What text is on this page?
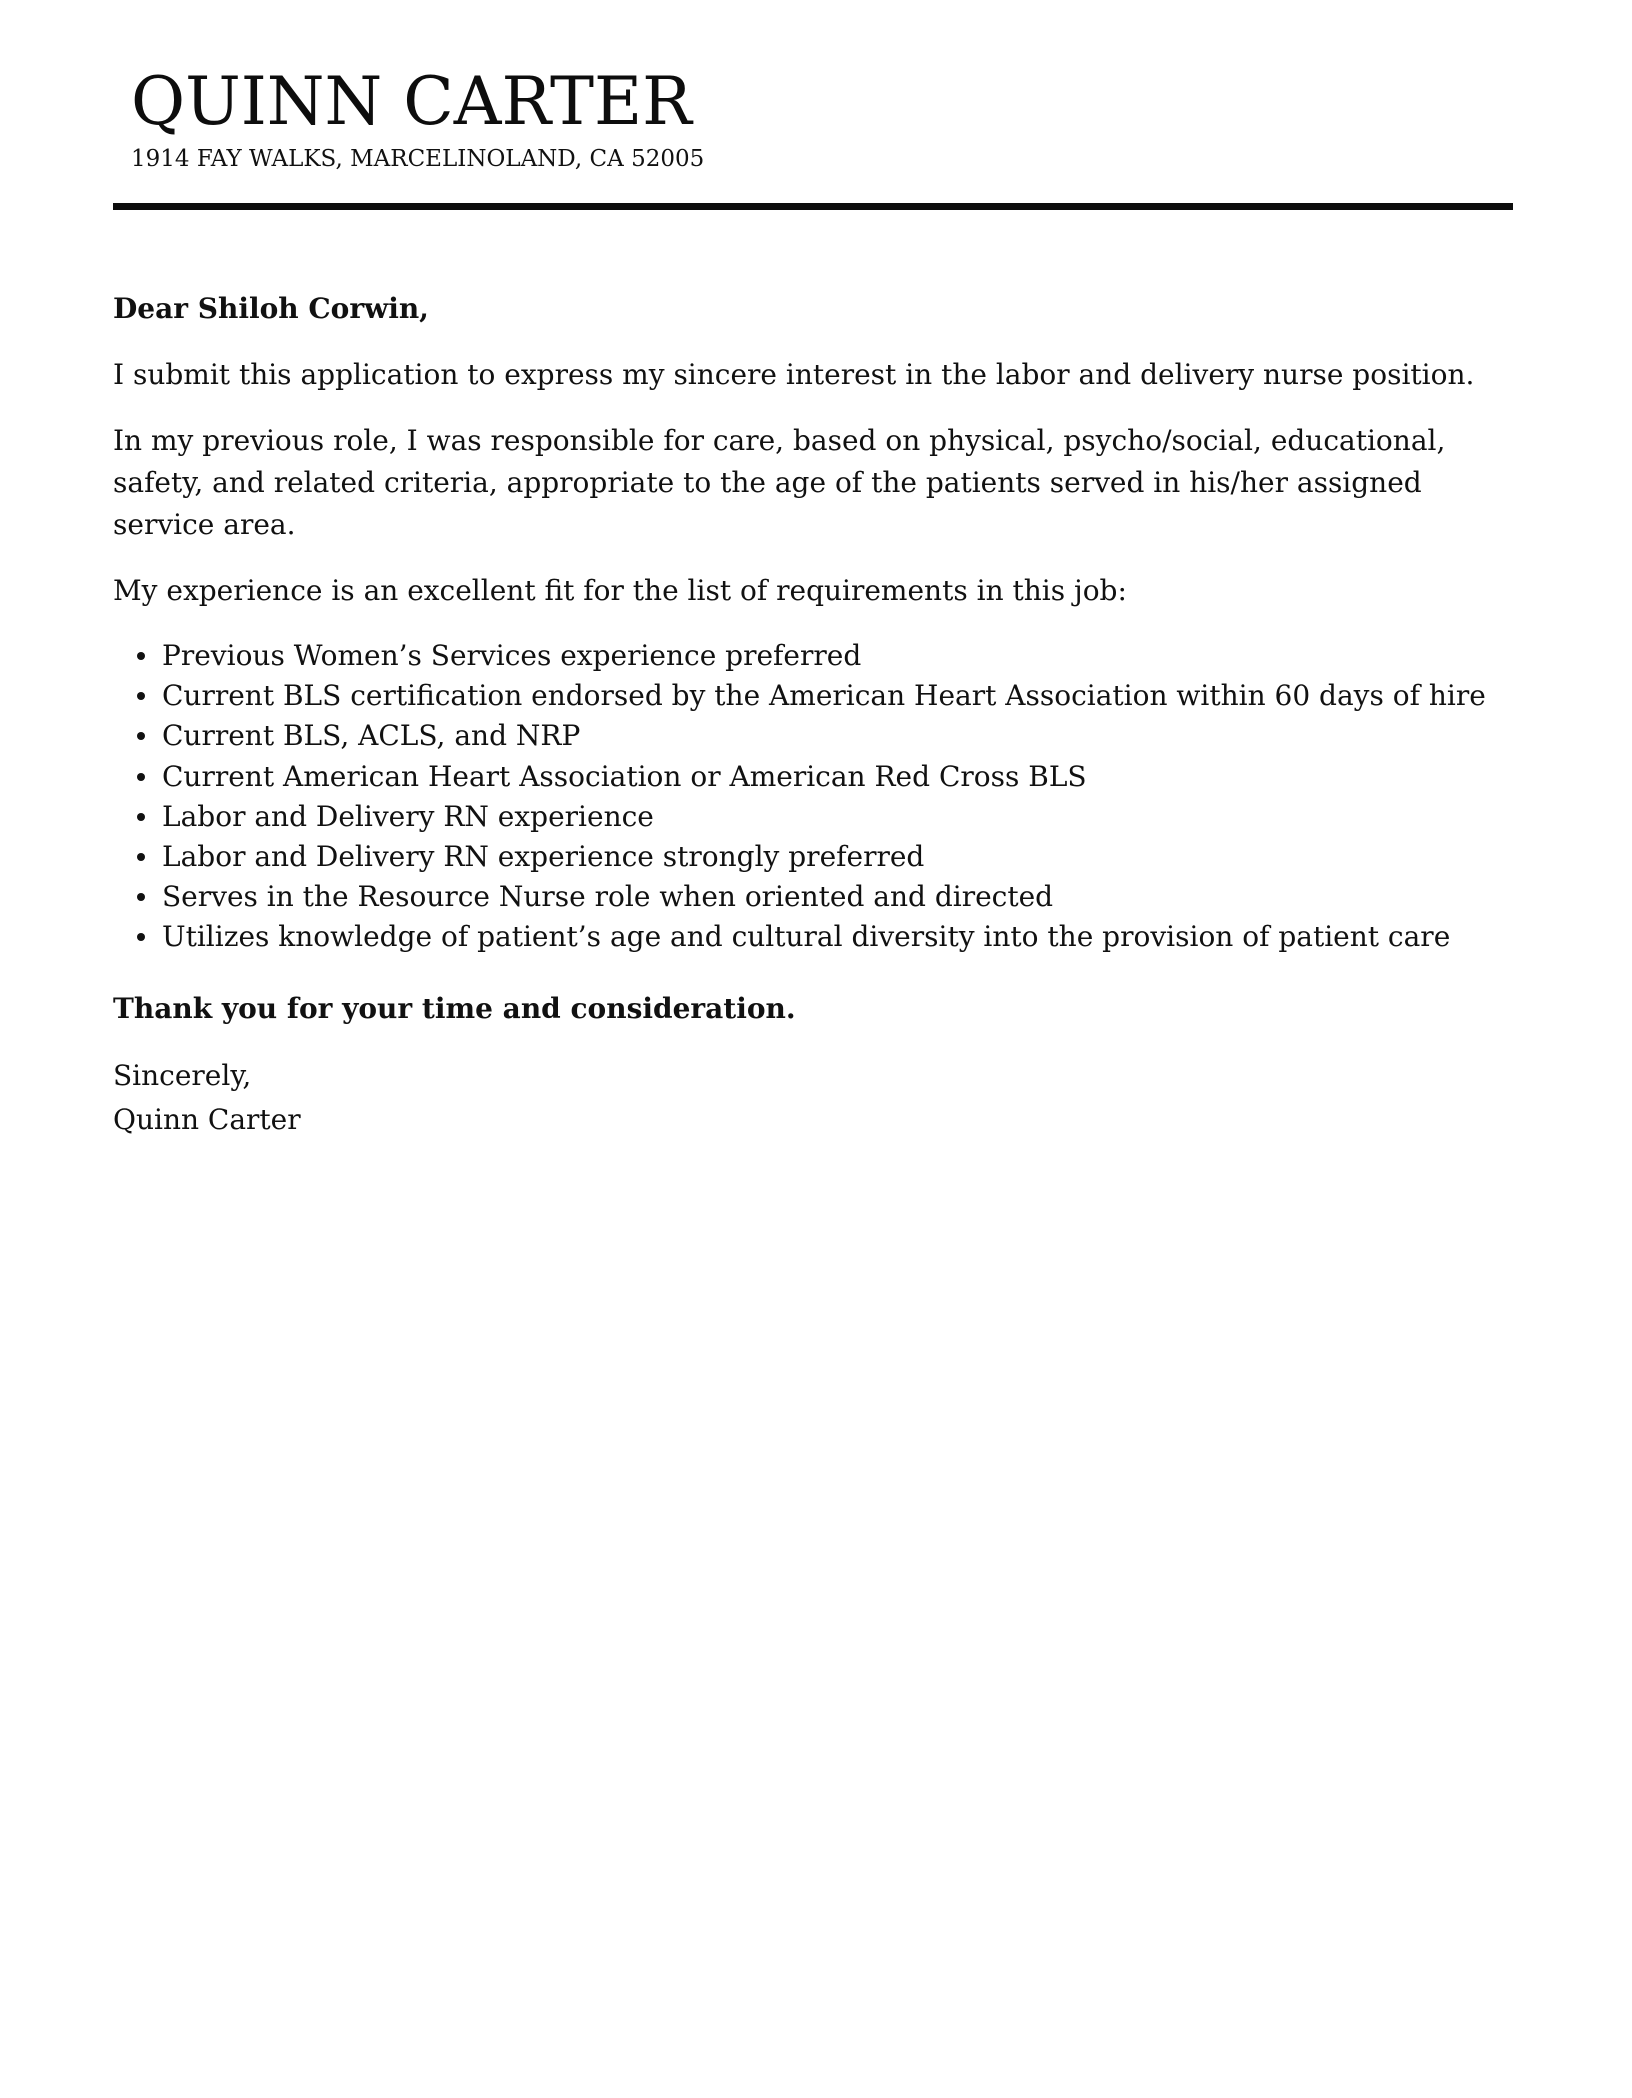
QUINN CARTER
1914 FAY WALKS, MARCELINOLAND, CA 52005

Dear Shiloh Corwin,

I submit this application to express my sincere interest in the labor and delivery nurse position.

In my previous role, I was responsible for care, based on physical, psycho/social, educational, safety, and related criteria, appropriate to the age of the patients served in his/her assigned service area.

My experience is an excellent fit for the list of requirements in this job:

Previous Women’s Services experience preferred
Current BLS certification endorsed by the American Heart Association within 60 days of hire
Current BLS, ACLS, and NRP
Current American Heart Association or American Red Cross BLS
Labor and Delivery RN experience
Labor and Delivery RN experience strongly preferred
Serves in the Resource Nurse role when oriented and directed
Utilizes knowledge of patient’s age and cultural diversity into the provision of patient care

Thank you for your time and consideration.

Sincerely,

Quinn Carter
